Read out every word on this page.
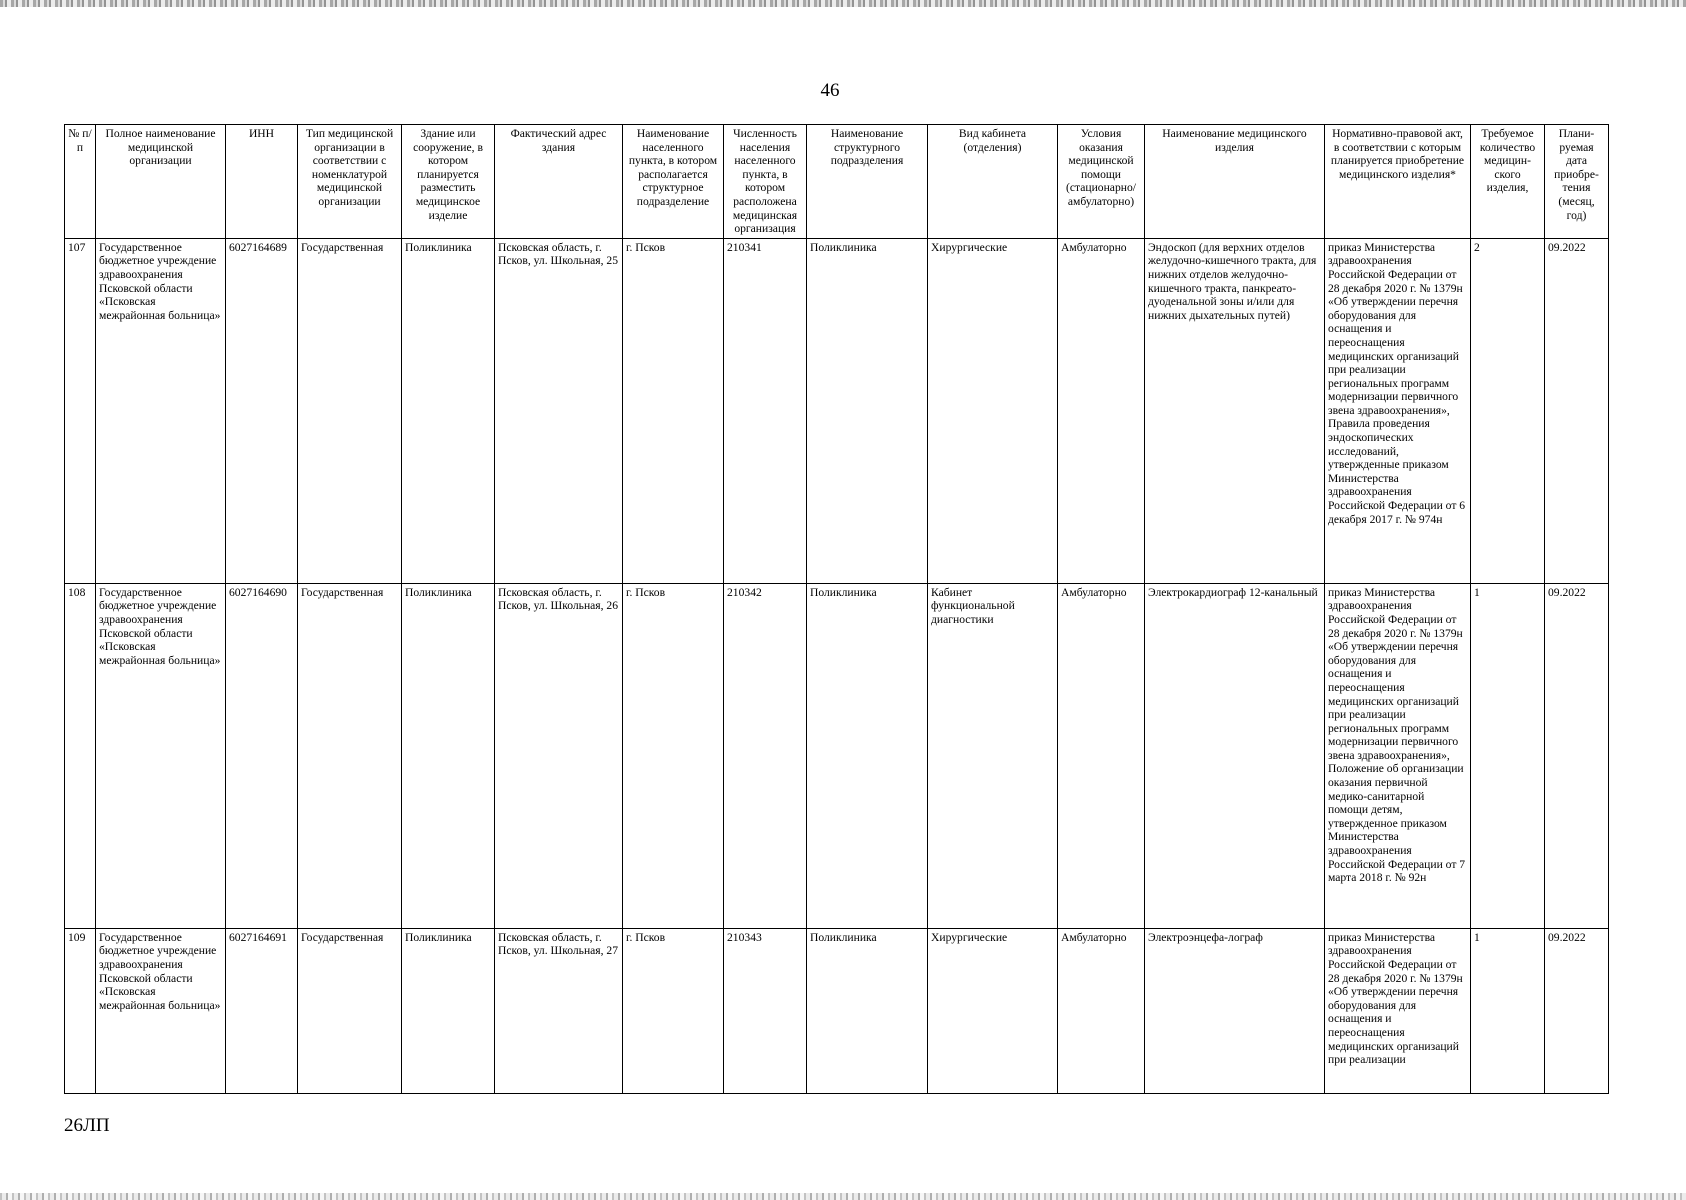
46
№ п/п	Полное наименование медицинской организации	ИНН	Тип медицинской организации в соответствии с номенклатурой медицинской организации	Здание или сооружение, в котором планируется разместить медицинское изделие	Фактический адрес здания	Наименование населенного пункта, в котором располагается структурное подразделение	Численность населения населенного пункта, в котором расположена медицинская организация	Наименование структурного подразделения	Вид кабинета (отделения)	Условия оказания медицинской помощи (стационарно/ амбулаторно)	Наименование медицинского изделия	Нормативно-правовой акт, в соответствии с которым планируется приобретение медицинского изделия*	Требуемое количество медицин-ского изделия,	Плани-руемая дата приобре-тения (месяц, год)
107	Государственное бюджетное учреждение здравоохранения Псковской области «Псковская межрайонная больница»	6027164689	Государственная	Поликлиника	Псковская область, г. Псков, ул. Школьная, 25	г. Псков	210341	Поликлиника	Хирургические	Амбулаторно	Эндоскоп (для верхних отделов желудочно-кишечного тракта, для нижних отделов желудочно-кишечного тракта, панкреато-дуоденальной зоны и/или для нижних дыхательных путей)	приказ Министерства здравоохранения Российской Федерации от 28 декабря 2020 г. № 1379н «Об утверждении перечня оборудования для оснащения и переоснащения медицинских организаций при реализации региональных программ модернизации первичного звена здравоохранения», Правила проведения эндоскопических исследований, утвержденные приказом Министерства здравоохранения Российской Федерации от 6 декабря 2017 г. № 974н	2	09.2022
108	Государственное бюджетное учреждение здравоохранения Псковской области «Псковская межрайонная больница»	6027164690	Государственная	Поликлиника	Псковская область, г. Псков, ул. Школьная, 26	г. Псков	210342	Поликлиника	Кабинет функциональной диагностики	Амбулаторно	Электрокардиограф 12-канальный	приказ Министерства здравоохранения Российской Федерации от 28 декабря 2020 г. № 1379н «Об утверждении перечня оборудования для оснащения и переоснащения медицинских организаций при реализации региональных программ модернизации первичного звена здравоохранения», Положение об организации оказания первичной медико-санитарной помощи детям, утвержденное приказом Министерства здравоохранения Российской Федерации от 7 марта 2018 г. № 92н	1	09.2022
109	Государственное бюджетное учреждение здравоохранения Псковской области «Псковская межрайонная больница»	6027164691	Государственная	Поликлиника	Псковская область, г. Псков, ул. Школьная, 27	г. Псков	210343	Поликлиника	Хирургические	Амбулаторно	Электроэнцефа-лограф	приказ Министерства здравоохранения Российской Федерации от 28 декабря 2020 г. № 1379н «Об утверждении перечня оборудования для оснащения и переоснащения медицинских организаций при реализации	1	09.2022
26ЛП
